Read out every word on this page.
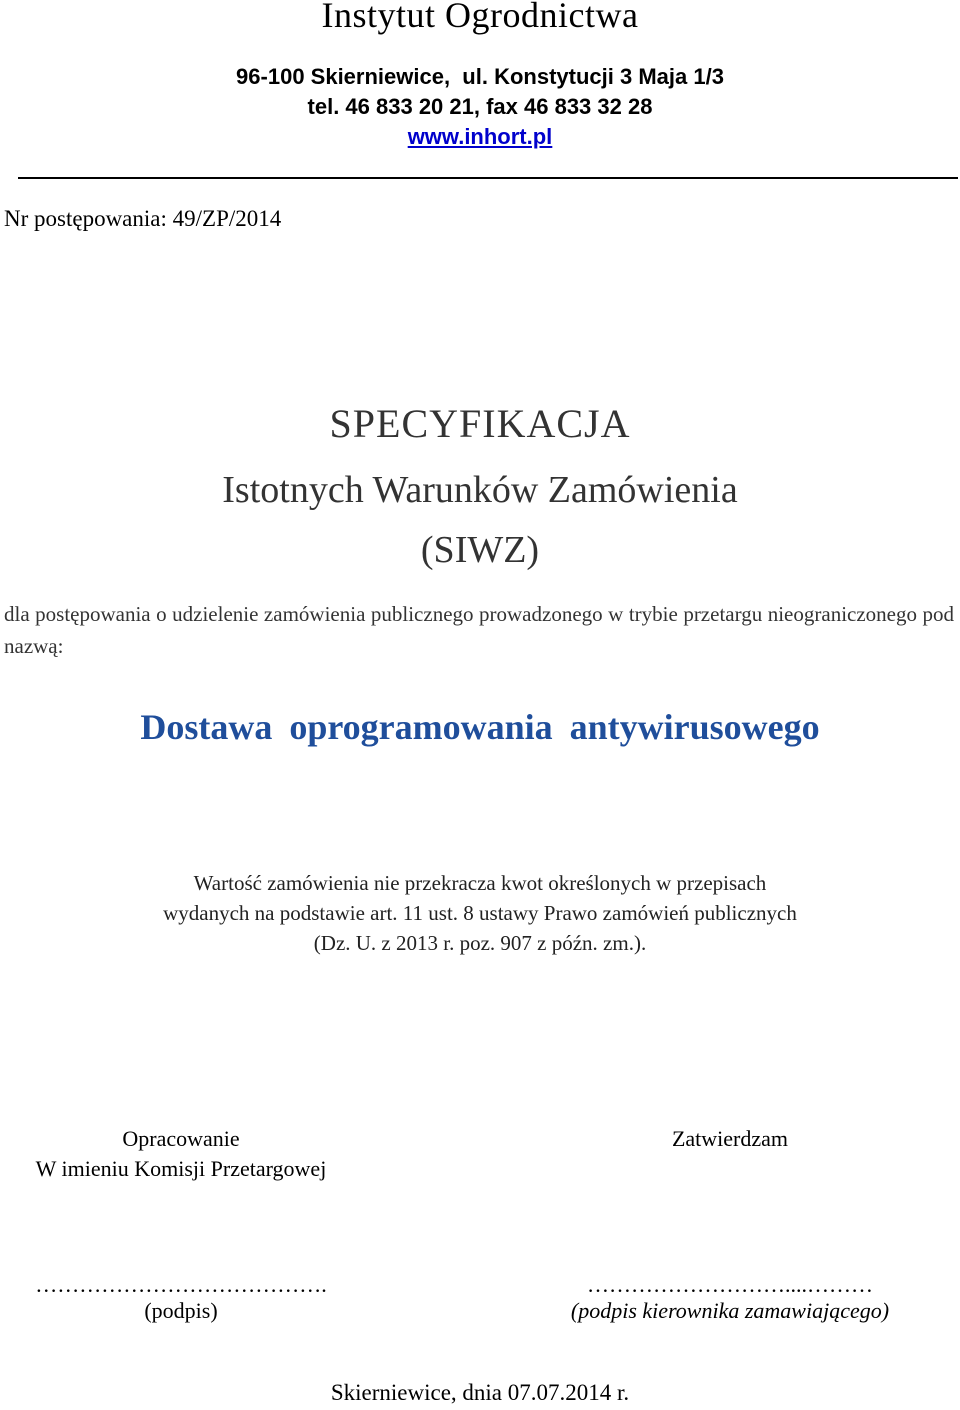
Instytut Ogrodnictwa
96-100 Skierniewice,  ul. Konstytucji 3 Maja 1/3
tel. 46 833 20 21, fax 46 833 32 28
www.inhort.pl
Nr postępowania: 49/ZP/2014
SPECYFIKACJA
Istotnych Warunków Zamówienia
(SIWZ)
dla postępowania o udzielenie zamówienia publicznego prowadzonego w trybie przetargu nieograniczonego pod nazwą:
Dostawa oprogramowania antywirusowego
Wartość zamówienia nie przekracza kwot określonych w przepisach
wydanych na podstawie art. 11 ust. 8 ustawy Prawo zamówień publicznych
(Dz. U. z 2013 r. poz. 907 z późn. zm.).
Opracowanie
W imieniu Komisji Przetargowej
Zatwierdzam
………………………………….	………………………....………
(podpis)	(podpis kierownika zamawiającego)
Skierniewice, dnia 07.07.2014 r.
